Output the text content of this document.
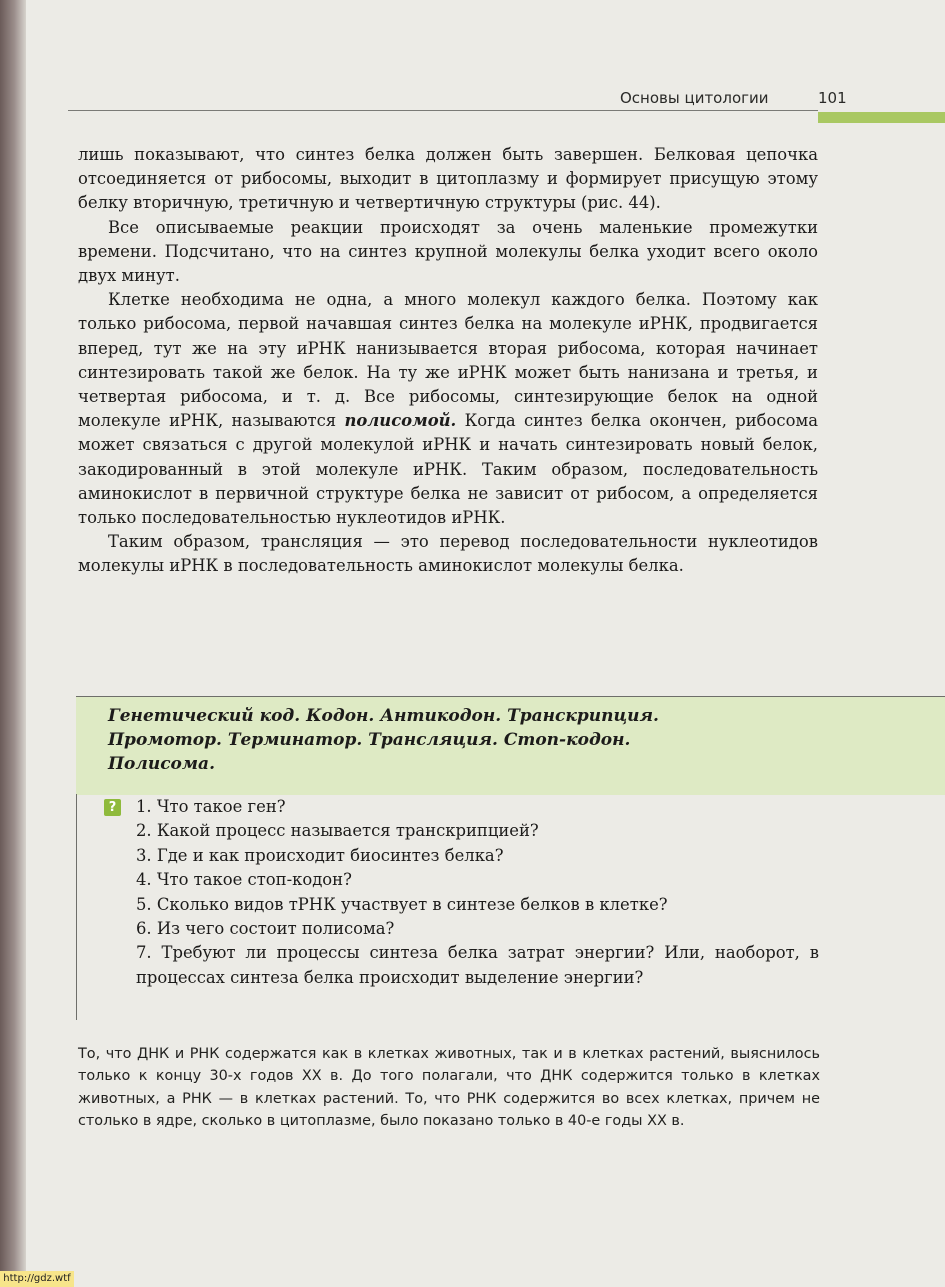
Основы цитологии	101

лишь показывают, что синтез белка должен быть завершен. Белковая цепочка отсоединяется от рибосомы, выходит в цитоплазму и формирует присущую этому белку вторичную, третичную и четвертичную структуры (рис. 44).

Все описываемые реакции происходят за очень маленькие промежутки времени. Подсчитано, что на синтез крупной молекулы белка уходит всего около двух минут.

Клетке необходима не одна, а много молекул каждого белка. Поэтому как только рибосома, первой начавшая синтез белка на молекуле иРНК, продвигается вперед, тут же на эту иРНК нанизывается вторая рибосома, которая начинает синтезировать такой же белок. На ту же иРНК может быть нанизана и третья, и четвертая рибосома, и т. д. Все рибосомы, синтезирующие белок на одной молекуле иРНК, называются полисомой. Когда синтез белка окончен, рибосома может связаться с другой молекулой иРНК и начать синтезировать новый белок, закодированный в этой молекуле иРНК. Таким образом, последовательность аминокислот в первичной структуре белка не зависит от рибосом, а определяется только последовательностью нуклеотидов иРНК.

Таким образом, трансляция — это перевод последовательности нуклеотидов молекулы иРНК в последовательность аминокислот молекулы белка.

Генетический код. Кодон. Антикодон. Транскрипция.
Промотор. Терминатор. Трансляция. Стоп-кодон.
Полисома.
? 1. Что такое ген?
2. Какой процесс называется транскрипцией?
3. Где и как происходит биосинтез белка?
4. Что такое стоп-кодон?
5. Сколько видов тРНК участвует в синтезе белков в клетке?
6. Из чего состоит полисома?
7. Требуют ли процессы синтеза белка затрат энергии? Или, наоборот, в процессах синтеза белка происходит выделение энергии?
То, что ДНК и РНК содержатся как в клетках животных, так и в клетках растений, выяснилось только к концу 30-х годов XX в. До того полагали, что ДНК содержится только в клетках животных, а РНК — в клетках растений. То, что РНК содержится во всех клетках, причем не столько в ядре, сколько в цитоплазме, было показано только в 40-е годы XX в.
http://gdz.wtf
